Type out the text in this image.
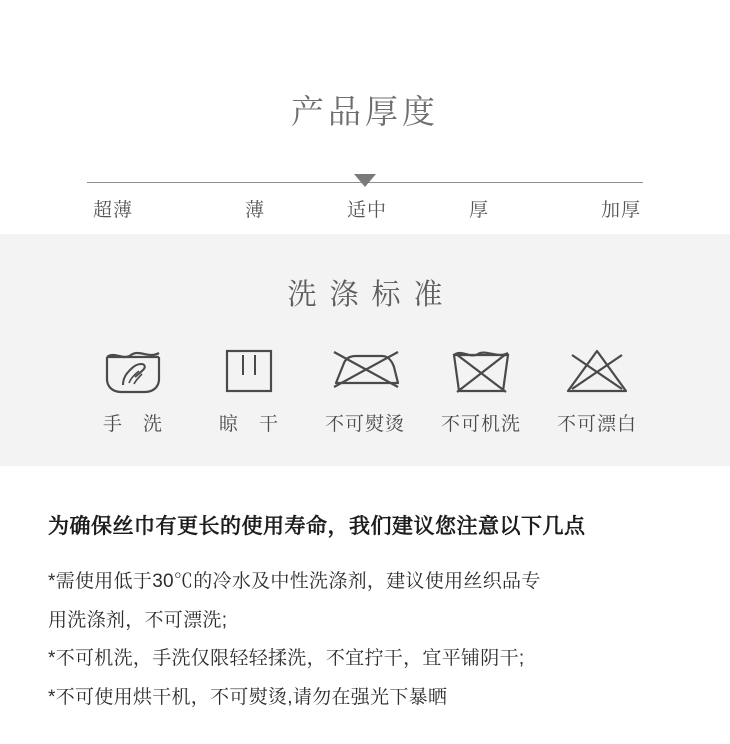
产品厚度
超薄	薄	适中	厚	加厚
洗涤标准
手　洗	晾　干	不可熨烫	不可机洗	不可漂白
为确保丝巾有更长的使用寿命，我们建议您注意以下几点

*需使用低于30℃的冷水及中性洗涤剂，建议使用丝织品专

用洗涤剂，不可漂洗;

*不可机洗，手洗仅限轻轻揉洗，不宜拧干，宜平铺阴干;

*不可使用烘干机，不可熨烫,请勿在强光下暴晒
